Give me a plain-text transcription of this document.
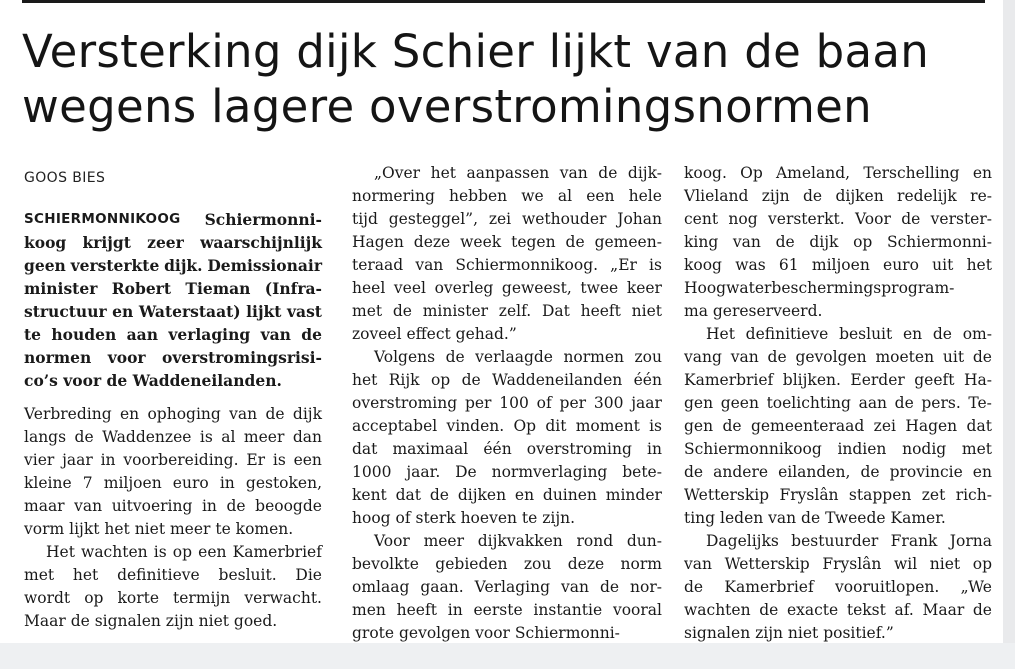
Versterking dijk Schier lijkt van de baan
wegens lagere overstromingsnormen
GOOS BIES
SCHIERMONNIKOOG Schiermonni-
koog krijgt zeer waarschijnlijk
geen versterkte dijk. Demissionair
minister Robert Tieman (Infra-
structuur en Waterstaat) lijkt vast
te houden aan verlaging van de
normen voor overstromingsrisi-
co’s voor de Waddeneilanden.
Verbreding en ophoging van de dijk
langs de Waddenzee is al meer dan
vier jaar in voorbereiding. Er is een
kleine 7 miljoen euro in gestoken,
maar van uitvoering in de beoogde
vorm lijkt het niet meer te komen.
Het wachten is op een Kamerbrief
met het definitieve besluit. Die
wordt op korte termijn verwacht.
Maar de signalen zijn niet goed.
„Over het aanpassen van de dijk-
normering hebben we al een hele
tijd gesteggel”, zei wethouder Johan
Hagen deze week tegen de gemeen-
teraad van Schiermonnikoog. „Er is
heel veel overleg geweest, twee keer
met de minister zelf. Dat heeft niet
zoveel effect gehad.”
Volgens de verlaagde normen zou
het Rijk op de Waddeneilanden één
overstroming per 100 of per 300 jaar
acceptabel vinden. Op dit moment is
dat maximaal één overstroming in
1000 jaar. De normverlaging bete-
kent dat de dijken en duinen minder
hoog of sterk hoeven te zijn.
Voor meer dijkvakken rond dun-
bevolkte gebieden zou deze norm
omlaag gaan. Verlaging van de nor-
men heeft in eerste instantie vooral
grote gevolgen voor Schiermonni-
koog. Op Ameland, Terschelling en
Vlieland zijn de dijken redelijk re-
cent nog versterkt. Voor de verster-
king van de dijk op Schiermonni-
koog was 61 miljoen euro uit het
Hoogwaterbeschermingsprogram-
ma gereserveerd.
Het definitieve besluit en de om-
vang van de gevolgen moeten uit de
Kamerbrief blijken. Eerder geeft Ha-
gen geen toelichting aan de pers. Te-
gen de gemeenteraad zei Hagen dat
Schiermonnikoog indien nodig met
de andere eilanden, de provincie en
Wetterskip Fryslân stappen zet rich-
ting leden van de Tweede Kamer.
Dagelijks bestuurder Frank Jorna
van Wetterskip Fryslân wil niet op
de Kamerbrief vooruitlopen. „We
wachten de exacte tekst af. Maar de
signalen zijn niet positief.”
